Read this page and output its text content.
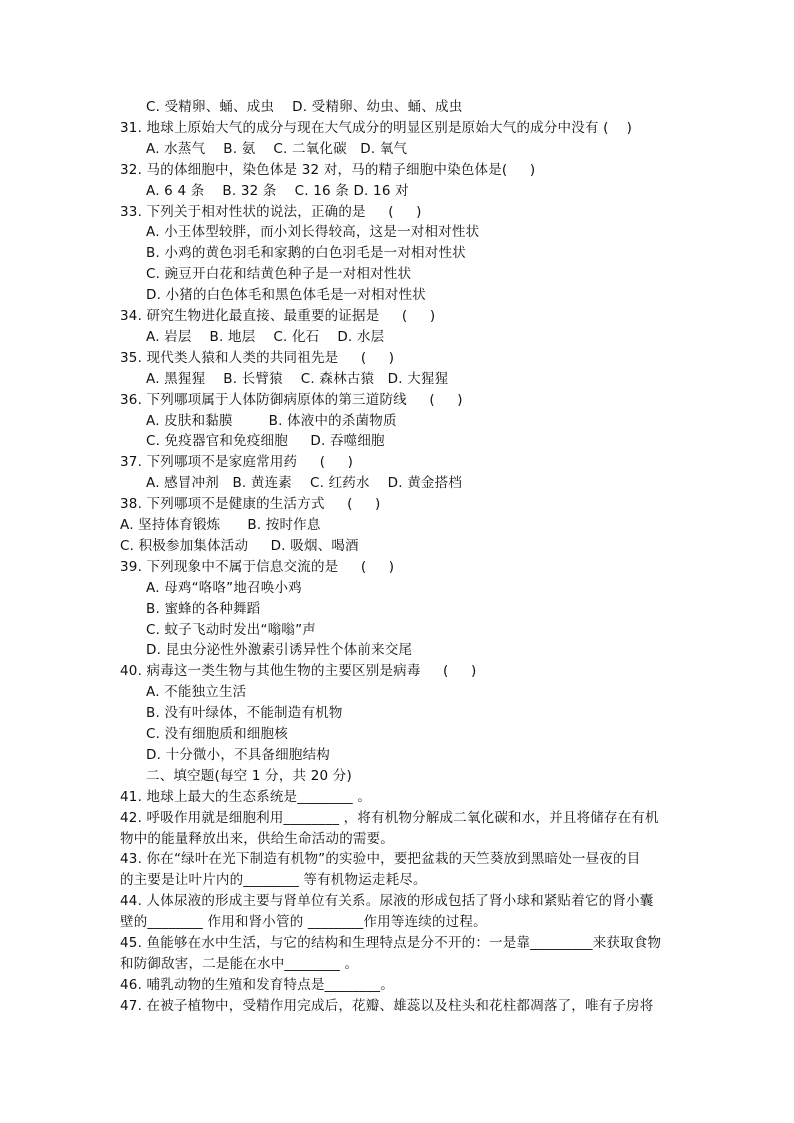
C. 受精卵、蛹、成虫    D. 受精卵、幼虫、蛹、成虫
31. 地球上原始大气的成分与现在大气成分的明显区别是原始大气的成分中没有 (    )
A. 水蒸气    B. 氨    C. 二氧化碳   D. 氧气
32. 马的体细胞中，染色体是 32 对，马的精子细胞中染色体是(     )
A. 6 4 条    B. 32 条    C. 16 条 D. 16 对
33. 下列关于相对性状的说法，正确的是     (     )
A. 小王体型较胖，而小刘长得较高，这是一对相对性状
B. 小鸡的黄色羽毛和家鹅的白色羽毛是一对相对性状
C. 豌豆开白花和结黄色种子是一对相对性状
D. 小猪的白色体毛和黑色体毛是一对相对性状
34. 研究生物进化最直接、最重要的证据是     (     )
A. 岩层    B. 地层    C. 化石    D. 水层
35. 现代类人猿和人类的共同祖先是     (     )
A. 黑猩猩    B. 长臂猿    C. 森林古猿   D. 大猩猩
36. 下列哪项属于人体防御病原体的第三道防线     (     )
A. 皮肤和黏膜        B. 体液中的杀菌物质
C. 免疫器官和免疫细胞     D. 吞噬细胞
37. 下列哪项不是家庭常用药     (     )
A. 感冒冲剂   B. 黄连素    C. 红药水    D. 黄金搭档
38. 下列哪项不是健康的生活方式     (     )
A. 坚持体育锻炼      B. 按时作息
C. 积极参加集体活动     D. 吸烟、喝酒
39. 下列现象中不属于信息交流的是     (     )
A. 母鸡“咯咯”地召唤小鸡
B. 蜜蜂的各种舞蹈
C. 蚊子飞动时发出“嗡嗡”声
D. 昆虫分泌性外激素引诱异性个体前来交尾
40. 病毒这一类生物与其他生物的主要区别是病毒     (     )
A. 不能独立生活
B. 没有叶绿体，不能制造有机物
C. 没有细胞质和细胞核
D. 十分微小，不具备细胞结构
二、填空题(每空 1 分，共 20 分)
41. 地球上最大的生态系统是________ 。
42. 呼吸作用就是细胞利用________ ，将有机物分解成二氧化碳和水，并且将储存在有机
物中的能量释放出来，供给生命活动的需要。
43. 你在“绿叶在光下制造有机物”的实验中，要把盆栽的天竺葵放到黑暗处一昼夜的目
的主要是让叶片内的________ 等有机物运走耗尽。
44. 人体尿液的形成主要与肾单位有关系。尿液的形成包括了肾小球和紧贴着它的肾小囊
壁的________ 作用和肾小管的 ________作用等连续的过程。
45. 鱼能够在水中生活，与它的结构和生理特点是分不开的：一是靠_________来获取食物
和防御敌害，二是能在水中________ 。
46. 哺乳动物的生殖和发育特点是________。
47. 在被子植物中，受精作用完成后，花瓣、雄蕊以及柱头和花柱都凋落了，唯有子房将
